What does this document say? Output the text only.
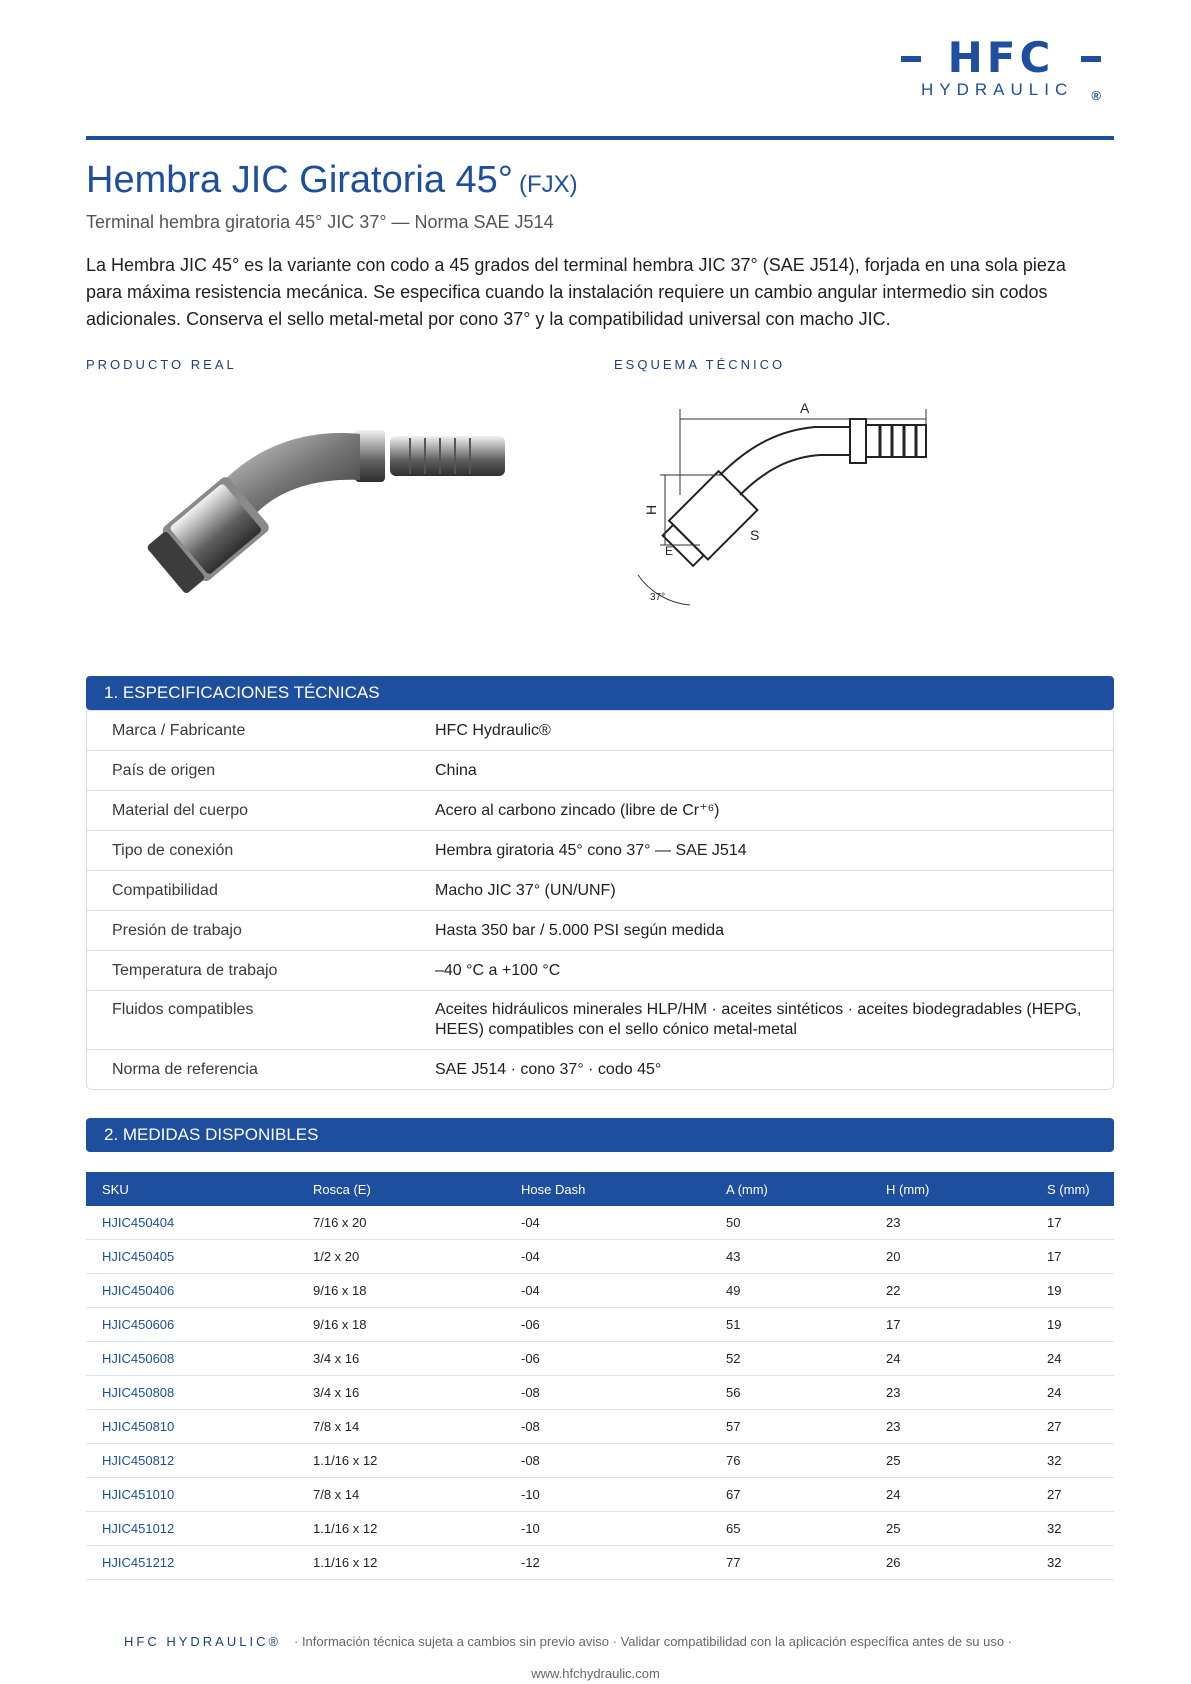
HFC
HYDRAULIC ®
Hembra JIC Giratoria 45° (FJX)
Terminal hembra giratoria 45° JIC 37° — Norma SAE J514
La Hembra JIC 45° es la variante con codo a 45 grados del terminal hembra JIC 37° (SAE J514), forjada en una sola pieza para máxima resistencia mecánica. Se especifica cuando la instalación requiere un cambio angular intermedio sin codos adicionales. Conserva el sello metal-metal por cono 37° y la compatibilidad universal con macho JIC.
PRODUCTO REAL	ESQUEMA TÉCNICO
A
H
S
E
37°
1. ESPECIFICACIONES TÉCNICAS
Marca / Fabricante	HFC Hydraulic®
País de origen	China
Material del cuerpo	Acero al carbono zincado (libre de Cr⁺⁶)
Tipo de conexión	Hembra giratoria 45° cono 37° — SAE J514
Compatibilidad	Macho JIC 37° (UN/UNF)
Presión de trabajo	Hasta 350 bar / 5.000 PSI según medida
Temperatura de trabajo	–40 °C a +100 °C
Fluidos compatibles	Aceites hidráulicos minerales HLP/HM · aceites sintéticos · aceites biodegradables (HEPG, HEES) compatibles con el sello cónico metal-metal
Norma de referencia	SAE J514 · cono 37° · codo 45°
2. MEDIDAS DISPONIBLES
SKU	Rosca (E)	Hose Dash	A (mm)	H (mm)	S (mm)
HJIC450404	7/16 x 20	-04	50	23	17
HJIC450405	1/2 x 20	-04	43	20	17
HJIC450406	9/16 x 18	-04	49	22	19
HJIC450606	9/16 x 18	-06	51	17	19
HJIC450608	3/4 x 16	-06	52	24	24
HJIC450808	3/4 x 16	-08	56	23	24
HJIC450810	7/8 x 14	-08	57	23	27
HJIC450812	1.1/16 x 12	-08	76	25	32
HJIC451010	7/8 x 14	-10	67	24	27
HJIC451012	1.1/16 x 12	-10	65	25	32
HJIC451212	1.1/16 x 12	-12	77	26	32
HFC HYDRAULIC® · Información técnica sujeta a cambios sin previo aviso · Validar compatibilidad con la aplicación específica antes de su uso ·
www.hfchydraulic.com
